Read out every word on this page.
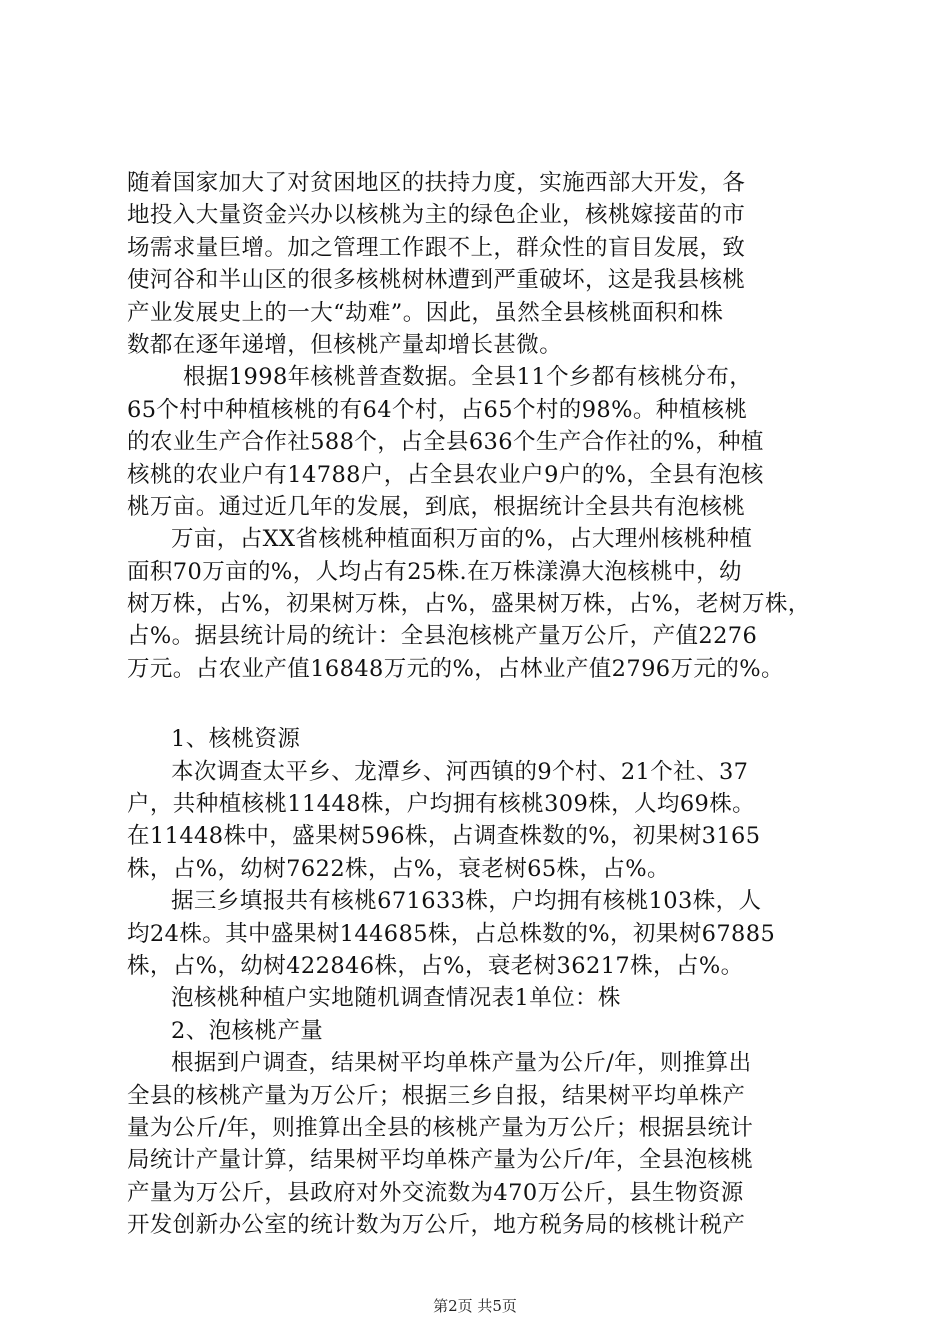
随着国家加大了对贫困地区的扶持力度，实施西部大开发，各
地投入大量资金兴办以核桃为主的绿色企业，核桃嫁接苗的市
场需求量巨增。加之管理工作跟不上，群众性的盲目发展，致
使河谷和半山区的很多核桃树林遭到严重破坏，这是我县核桃
产业发展史上的一大“劫难”。因此，虽然全县核桃面积和株
数都在逐年递增，但核桃产量却增长甚微。
根据1998年核桃普查数据。全县11个乡都有核桃分布，
65个村中种植核桃的有64个村，占65个村的98%。种植核桃
的农业生产合作社588个，占全县636个生产合作社的%，种植
核桃的农业户有14788户，占全县农业户9户的%，全县有泡核
桃万亩。通过近几年的发展，到底，根据统计全县共有泡核桃
万亩，占XX省核桃种植面积万亩的%，占大理州核桃种植
面积70万亩的%，人均占有25株.在万株漾濞大泡核桃中，幼
树万株，占%，初果树万株，占%，盛果树万株，占%，老树万株，
占%。据县统计局的统计：全县泡核桃产量万公斤，产值2276
万元。占农业产值16848万元的%，占林业产值2796万元的%。
1、核桃资源
本次调查太平乡、龙潭乡、河西镇的9个村、21个社、37
户，共种植核桃11448株，户均拥有核桃309株，人均69株。
在11448株中，盛果树596株，占调查株数的%，初果树3165
株，占%，幼树7622株，占%，衰老树65株，占%。
据三乡填报共有核桃671633株，户均拥有核桃103株，人
均24株。其中盛果树144685株，占总株数的%，初果树67885
株，占%，幼树422846株，占%，衰老树36217株，占%。
泡核桃种植户实地随机调查情况表1单位：株
2、泡核桃产量
根据到户调查，结果树平均单株产量为公斤/年，则推算出
全县的核桃产量为万公斤；根据三乡自报，结果树平均单株产
量为公斤/年，则推算出全县的核桃产量为万公斤；根据县统计
局统计产量计算，结果树平均单株产量为公斤/年，全县泡核桃
产量为万公斤，县政府对外交流数为470万公斤，县生物资源
开发创新办公室的统计数为万公斤，地方税务局的核桃计税产
第2页 共5页
